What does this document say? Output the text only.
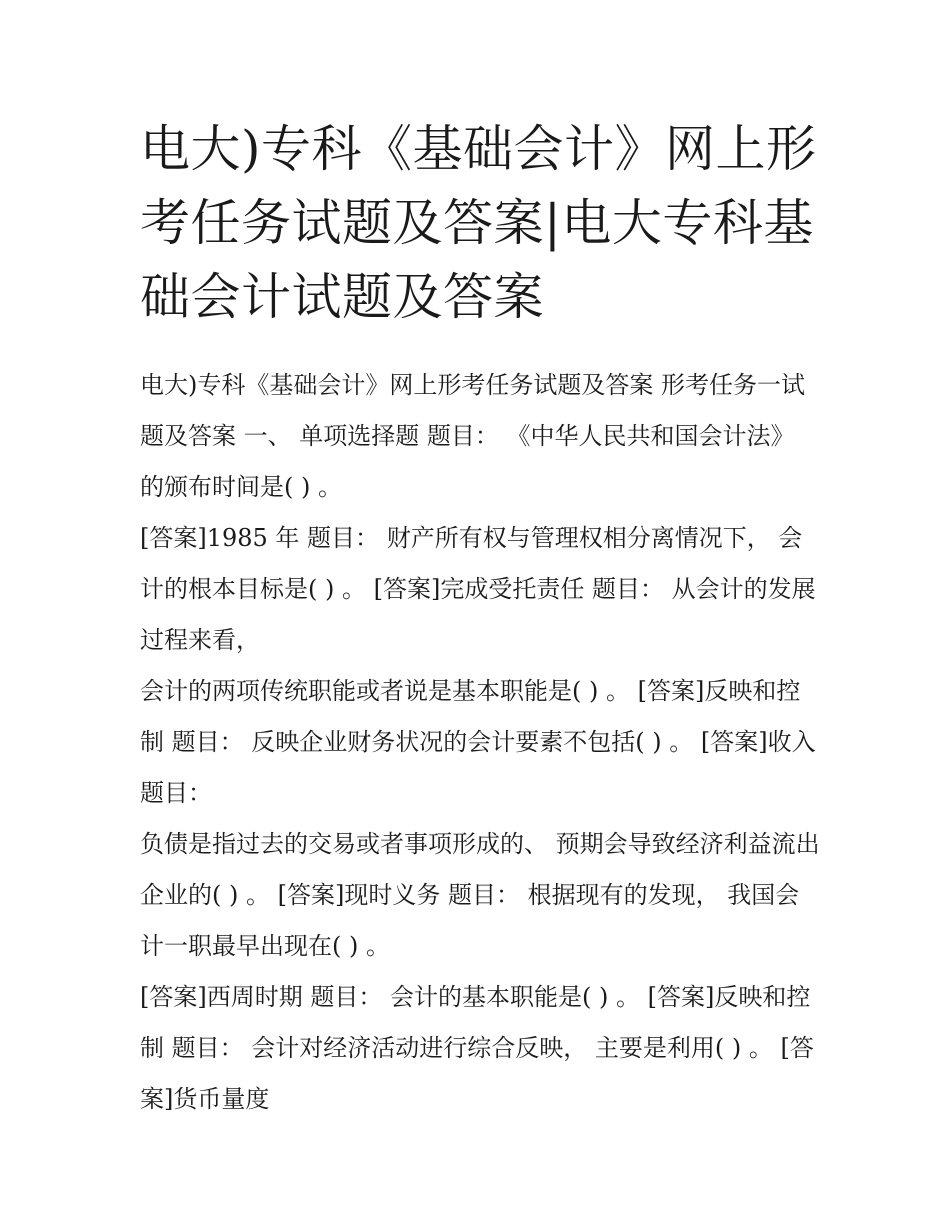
电大)专科《基础会计》网上形考任务试题及答案|电大专科基础会计试题及答案

电大)专科《基础会计》网上形考任务试题及答案 形考任务一试题及答案 一、 单项选择题 题目： 《中华人民共和国会计法》 的颁布时间是( ) 。

[答案]1985 年 题目： 财产所有权与管理权相分离情况下， 会计的根本目标是( ) 。 [答案]完成受托责任 题目： 从会计的发展过程来看，

会计的两项传统职能或者说是基本职能是( ) 。 [答案]反映和控制 题目： 反映企业财务状况的会计要素不包括( ) 。 [答案]收入 题目：

负债是指过去的交易或者事项形成的、 预期会导致经济利益流出企业的( ) 。 [答案]现时义务 题目： 根据现有的发现， 我国会计一职最早出现在( ) 。

[答案]西周时期 题目： 会计的基本职能是( ) 。 [答案]反映和控制 题目： 会计对经济活动进行综合反映， 主要是利用( ) 。 [答案]货币量度
